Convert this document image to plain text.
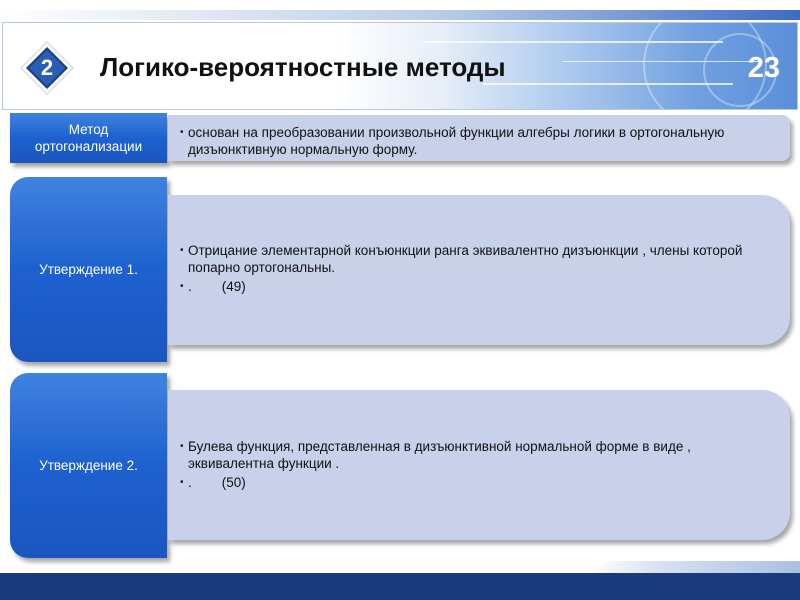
2	Логико-вероятностные методы	23
Метод ортогонализации
• основан на преобразовании произвольной функции алгебры логики в ортогональную дизъюнктивную нормальную форму.
Утверждение 1.
• Отрицание элементарной конъюнкции ранга эквивалентно дизъюнкции , члены которой попарно ортогональны.
• .        (49)
Утверждение 2.
• Булева функция, представленная в дизъюнктивной нормальной форме в виде , эквивалентна функции .
• .        (50)
